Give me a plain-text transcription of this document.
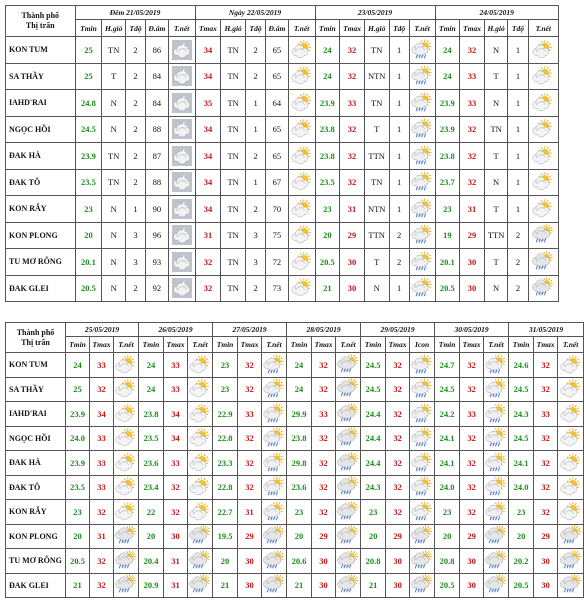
Thành phố
Thị trấn	Đêm 21/05/2019					Ngày 22/05/2019					23/05/2019					24/05/2019				
	Tmin	H.gió	Tđộ	Đ.ẩm	T.nết	Tmax	H.gió	Tđộ	Đ.ẩm	T.nết	Tmin	Tmax	H.gió	Tđộ	T.nết	Tmin	Tmax	H.gió	Tđộ	T.nết
KON TUM	25	TN	2	86		34	TN	2	65		24	32	TN	1		24	32	N	1	

SA THẦY	25	T	2	84		34	TN	2	65		24	32	NTN	1		24	33	T	1	

IAHD'RAI	24.8	N	2	84		35	TN	1	64		23.9	33	TN	1		23.9	33	N	1	

NGỌC HỒI	24.5	N	2	88		34	TN	1	65		23.8	32	T	1		23.9	32	TN	1	

ĐAK HÀ	23.9	TN	2	87		34	TN	2	65		23.8	32	TTN	1		23.8	32	T	1	

ĐAK TÔ	23.5	TN	2	88		34	TN	1	67		23.5	32	TN	1		23.7	32	N	1	

KON RẪY	23	N	1	90		34	TN	2	70		23	31	NTN	1		23	31	T	1	

KON PLONG	20	N	3	96		31	TN	3	75		20	29	TTN	2		19	29	TTN	2	

TU MƠ RÔNG	20.1	N	3	93		32	TN	3	72		20.5	30	T	2		20.1	30	T	2	

ĐAK GLEI	20.5	N	2	92		32	TN	2	73		21	30	N	1		20.5	30	N	2	
Thành phố
Thị trấn	25/05/2019			26/05/2019			27/05/2019			28/05/2019			29/05/2019			30/05/2019			31/05/2019		
	Tmin	Tmax	T.nết	Tmin	Tmax	T.nết	Tmin	Tmax	T.nết	Tmin	Tmax	T.nết	Tmin	Tmax	Icon	Tmin	Tmax	T.nết	Tmin	Tmax	T.nết
KON TUM	24	33		24	33		23	32		24	32		24.5	32		24.7	32		24.6	32	

SA THẦY	25	32		24	33		23	32		24	32		24.5	32		24.5	32		24.5	32	

IAHD'RAI	23.9	34		23.8	34		22.9	33		29.9	33		24.4	32		24.2	33		24.3	33	

NGỌC HỒI	24.0	33		23.5	34		22.8	32		23.8	32		24.4	32		24.1	32		24.5	32	

ĐAK HÀ	23.9	33		23.6	33		23.3	32		29.8	32		24.4	32		24.1	32		24.1	32	

ĐAK TÔ	23.5	33		23.4	32		22.8	32		23.6	32		24.3	32		24.0	32		24.0	32	

KON RẪY	23	32		22	32		22.7	31		23	32		23	32		23	32		23	32	

KON PLONG	20	31		20	30		19.5	29		20	29		20	29		20	29		20	29	

TU MƠ RÔNG	20.5	32		20.4	31		20	30		20.6	30		20.8	30		20.8	30		20.2	30	

ĐAK GLEI	21	32		20.9	31		21	30		21	30		21	30		20.5	30		20.5	30	
